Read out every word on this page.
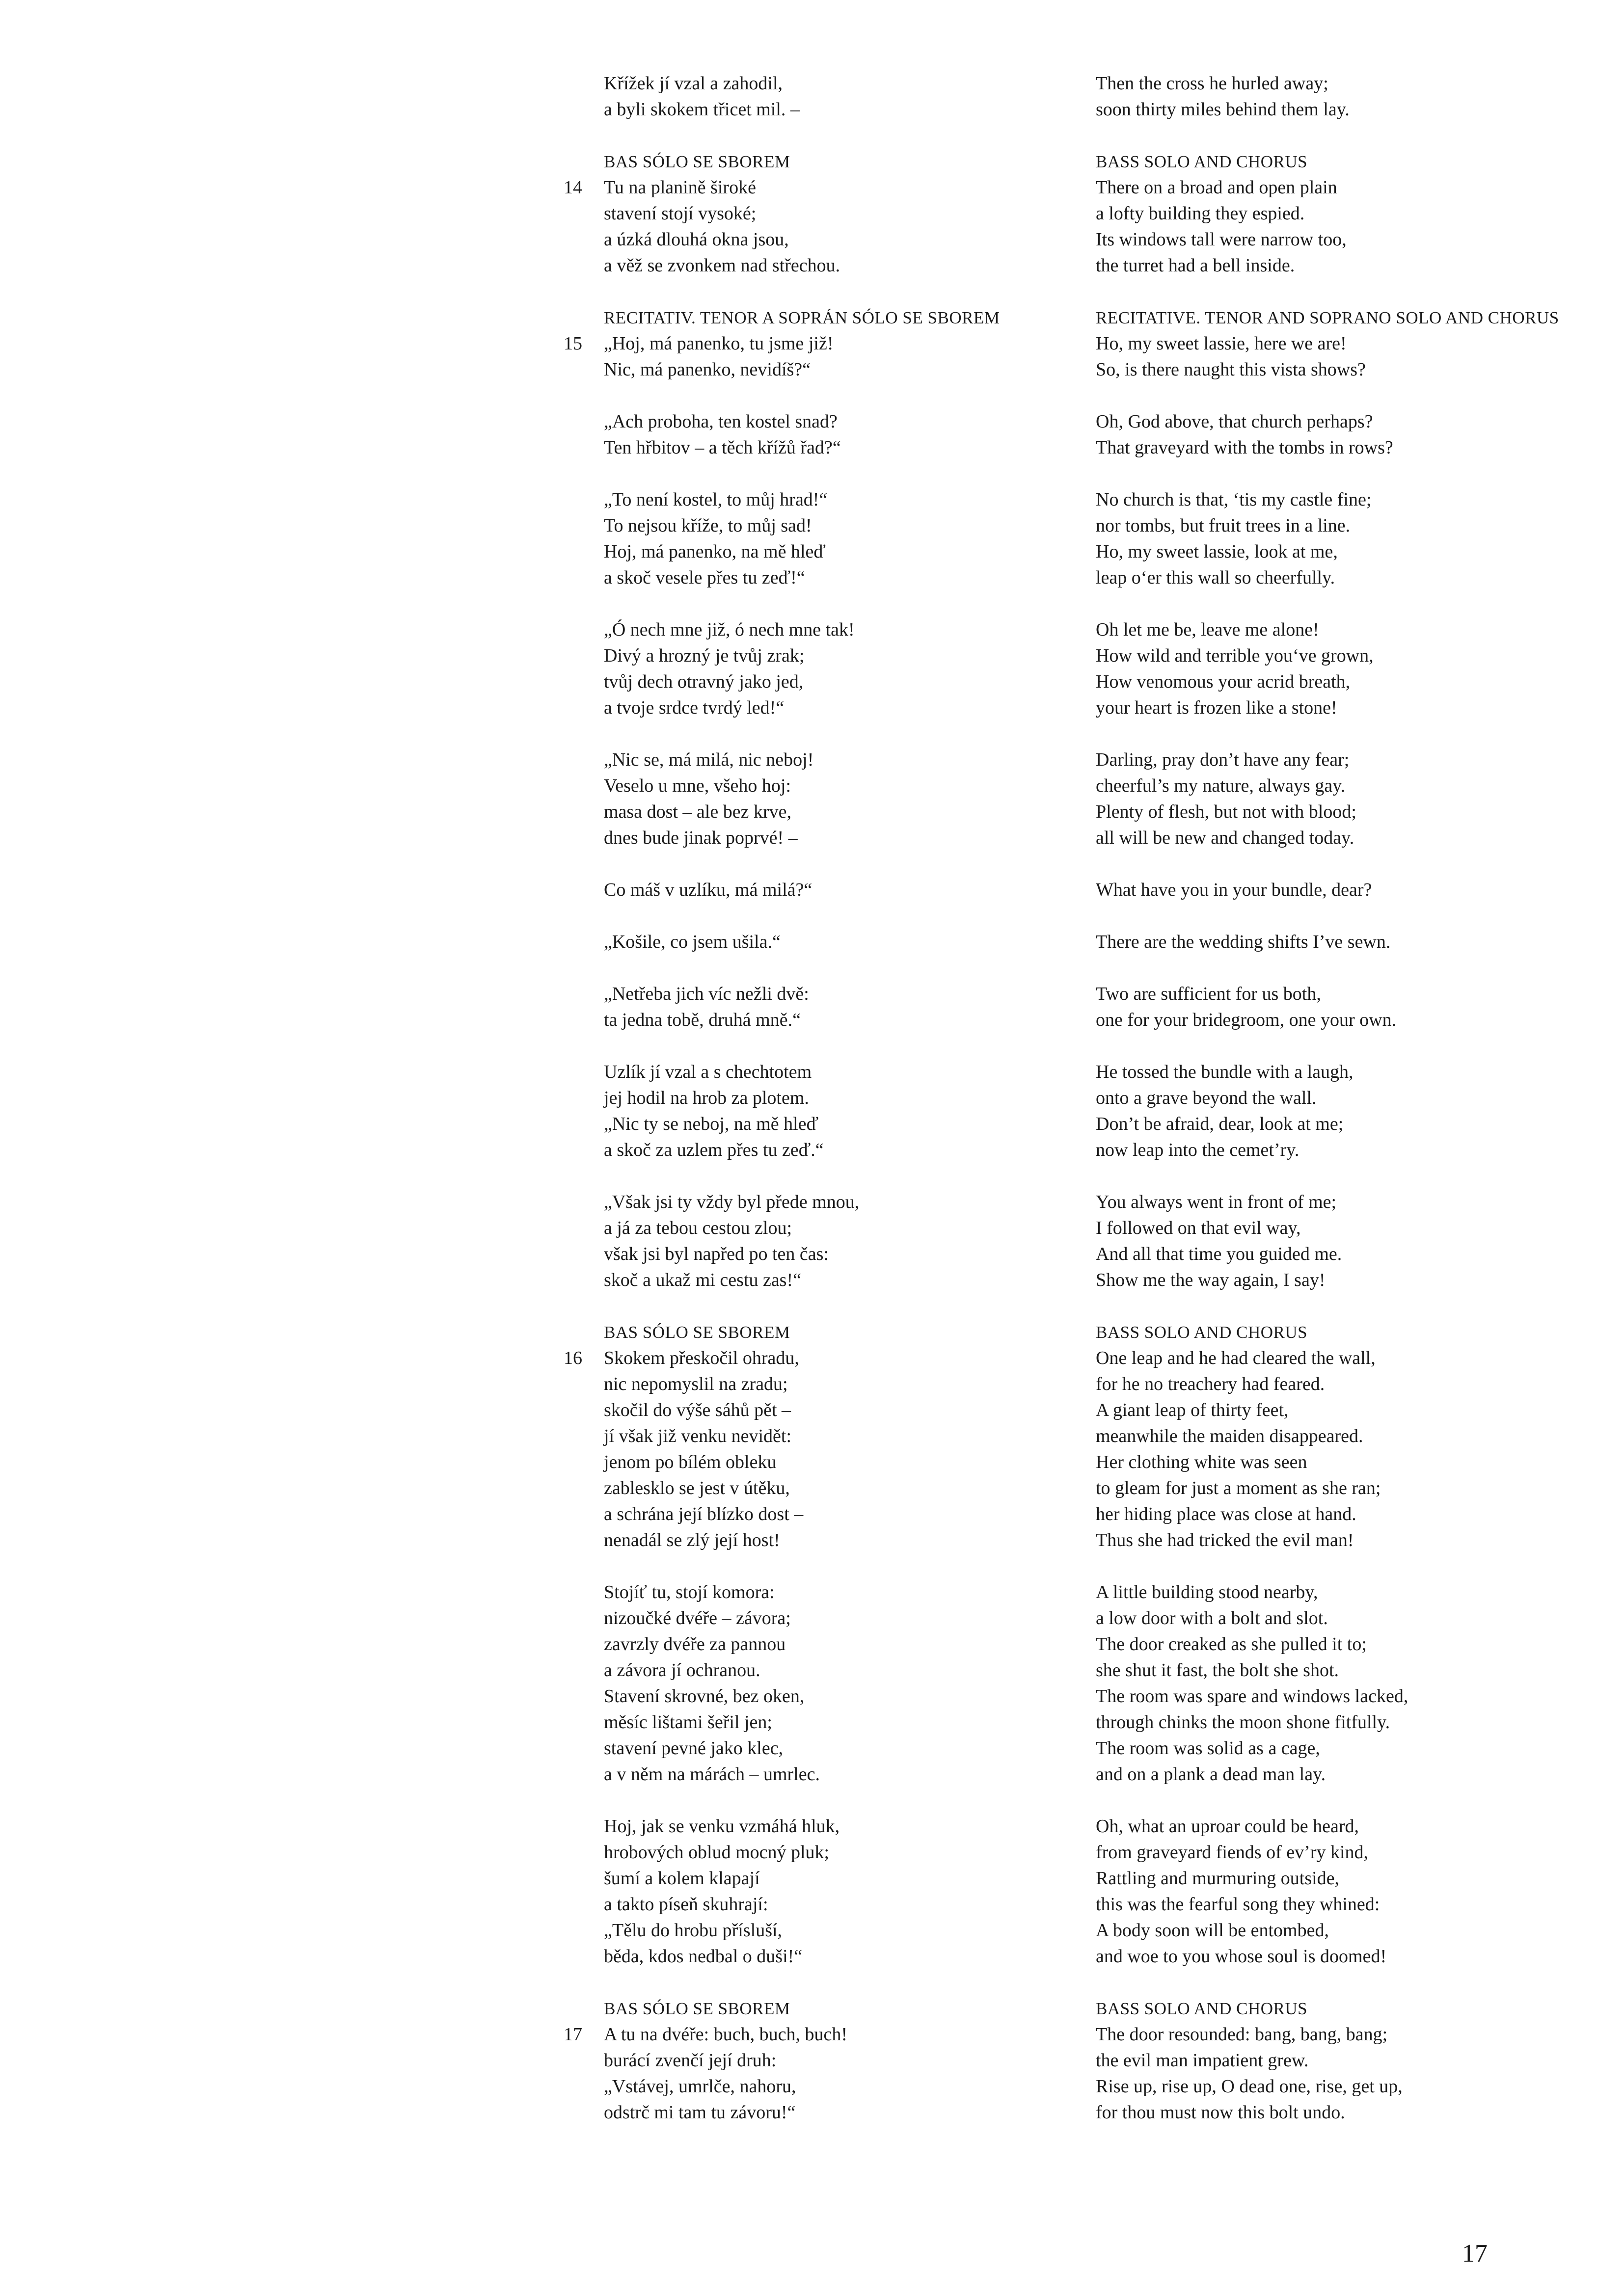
Křížek jí vzal a zahodil,
a byli skokem třicet mil. –
BAS SÓLO SE SBOREM
14 Tu na planině široké
stavení stojí vysoké;
a úzká dlouhá okna jsou,
a věž se zvonkem nad střechou.
RECITATIV. TENOR A SOPRÁN SÓLO SE SBOREM
15 „Hoj, má panenko, tu jsme již!
Nic, má panenko, nevidíš?“
„Ach proboha, ten kostel snad?
Ten hřbitov – a těch křížů řad?“
„To není kostel, to můj hrad!“
To nejsou kříže, to můj sad!
Hoj, má panenko, na mě hleď
a skoč vesele přes tu zeď!“
„Ó nech mne již, ó nech mne tak!
Divý a hrozný je tvůj zrak;
tvůj dech otravný jako jed,
a tvoje srdce tvrdý led!“
„Nic se, má milá, nic neboj!
Veselo u mne, všeho hoj:
masa dost – ale bez krve,
dnes bude jinak poprvé! –
Co máš v uzlíku, má milá?“
„Košile, co jsem ušila.“
„Netřeba jich víc nežli dvě:
ta jedna tobě, druhá mně.“
Uzlík jí vzal a s chechtotem
jej hodil na hrob za plotem.
„Nic ty se neboj, na mě hleď
a skoč za uzlem přes tu zeď.“
„Však jsi ty vždy byl přede mnou,
a já za tebou cestou zlou;
však jsi byl napřed po ten čas:
skoč a ukaž mi cestu zas!“
BAS SÓLO SE SBOREM
16 Skokem přeskočil ohradu,
nic nepomyslil na zradu;
skočil do výše sáhů pět –
jí však již venku nevidět:
jenom po bílém obleku
zablesklo se jest v útěku,
a schrána její blízko dost –
nenadál se zlý její host!
Stojíť tu, stojí komora:
nizoučké dvéře – závora;
zavrzly dvéře za pannou
a závora jí ochranou.
Stavení skrovné, bez oken,
měsíc lištami šeřil jen;
stavení pevné jako klec,
a v něm na márách – umrlec.
Hoj, jak se venku vzmáhá hluk,
hrobových oblud mocný pluk;
šumí a kolem klapají
a takto píseň skuhrají:
„Tělu do hrobu přísluší,
běda, kdos nedbal o duši!“
BAS SÓLO SE SBOREM
17 A tu na dvéře: buch, buch, buch!
burácí zvenčí její druh:
„Vstávej, umrlče, nahoru,
odstrč mi tam tu závoru!“
Then the cross he hurled away;
soon thirty miles behind them lay.
BASS SOLO AND CHORUS
There on a broad and open plain
a lofty building they espied.
Its windows tall were narrow too,
the turret had a bell inside.
RECITATIVE. TENOR AND SOPRANO SOLO AND CHORUS
Ho, my sweet lassie, here we are!
So, is there naught this vista shows?
Oh, God above, that church perhaps?
That graveyard with the tombs in rows?
No church is that, ‘tis my castle fine;
nor tombs, but fruit trees in a line.
Ho, my sweet lassie, look at me,
leap o‘er this wall so cheerfully.
Oh let me be, leave me alone!
How wild and terrible you‘ve grown,
How venomous your acrid breath,
your heart is frozen like a stone!
Darling, pray don’t have any fear;
cheerful’s my nature, always gay.
Plenty of flesh, but not with blood;
all will be new and changed today.
What have you in your bundle, dear?
There are the wedding shifts I’ve sewn.
Two are sufficient for us both,
one for your bridegroom, one your own.
He tossed the bundle with a laugh,
onto a grave beyond the wall.
Don’t be afraid, dear, look at me;
now leap into the cemet’ry.
You always went in front of me;
I followed on that evil way,
And all that time you guided me.
Show me the way again, I say!
BASS SOLO AND CHORUS
One leap and he had cleared the wall,
for he no treachery had feared.
A giant leap of thirty feet,
meanwhile the maiden disappeared.
Her clothing white was seen
to gleam for just a moment as she ran;
her hiding place was close at hand.
Thus she had tricked the evil man!
A little building stood nearby,
a low door with a bolt and slot.
The door creaked as she pulled it to;
she shut it fast, the bolt she shot.
The room was spare and windows lacked,
through chinks the moon shone fitfully.
The room was solid as a cage,
and on a plank a dead man lay.
Oh, what an uproar could be heard,
from graveyard fiends of ev’ry kind,
Rattling and murmuring outside,
this was the fearful song they whined:
A body soon will be entombed,
and woe to you whose soul is doomed!
BASS SOLO AND CHORUS
The door resounded: bang, bang, bang;
the evil man impatient grew.
Rise up, rise up, O dead one, rise, get up,
for thou must now this bolt undo.
17
